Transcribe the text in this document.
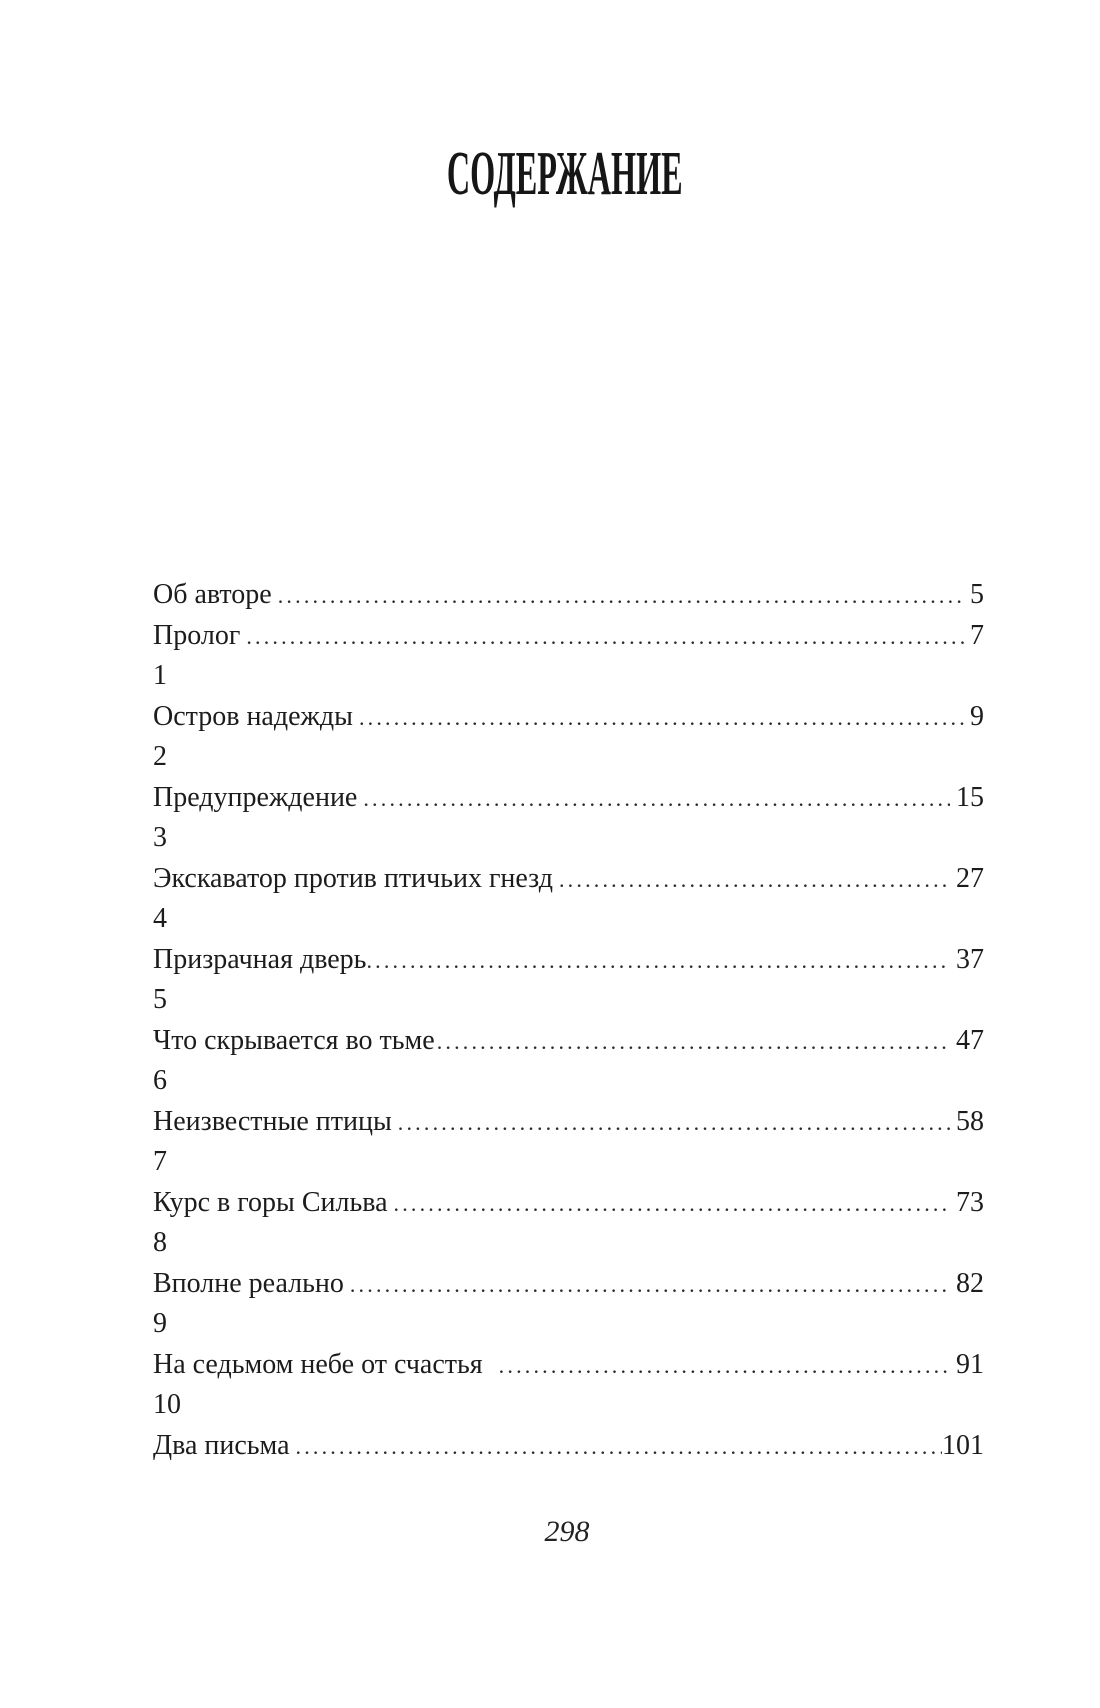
СОДЕРЖАНИЕ
Об авторе .....	5
Пролог .....	7
1
Остров надежды .....	9
2
Предупреждение .....	15
3
Экскаватор против птичьих гнезд .....	27
4
Призрачная дверь .....	37
5
Что скрывается во тьме .....	47
6
Неизвестные птицы .....	58
7
Курс в горы Сильва .....	73
8
Вполне реально .....	82
9
На седьмом небе от счастья .....	91
10
Два письма .....	101
298
